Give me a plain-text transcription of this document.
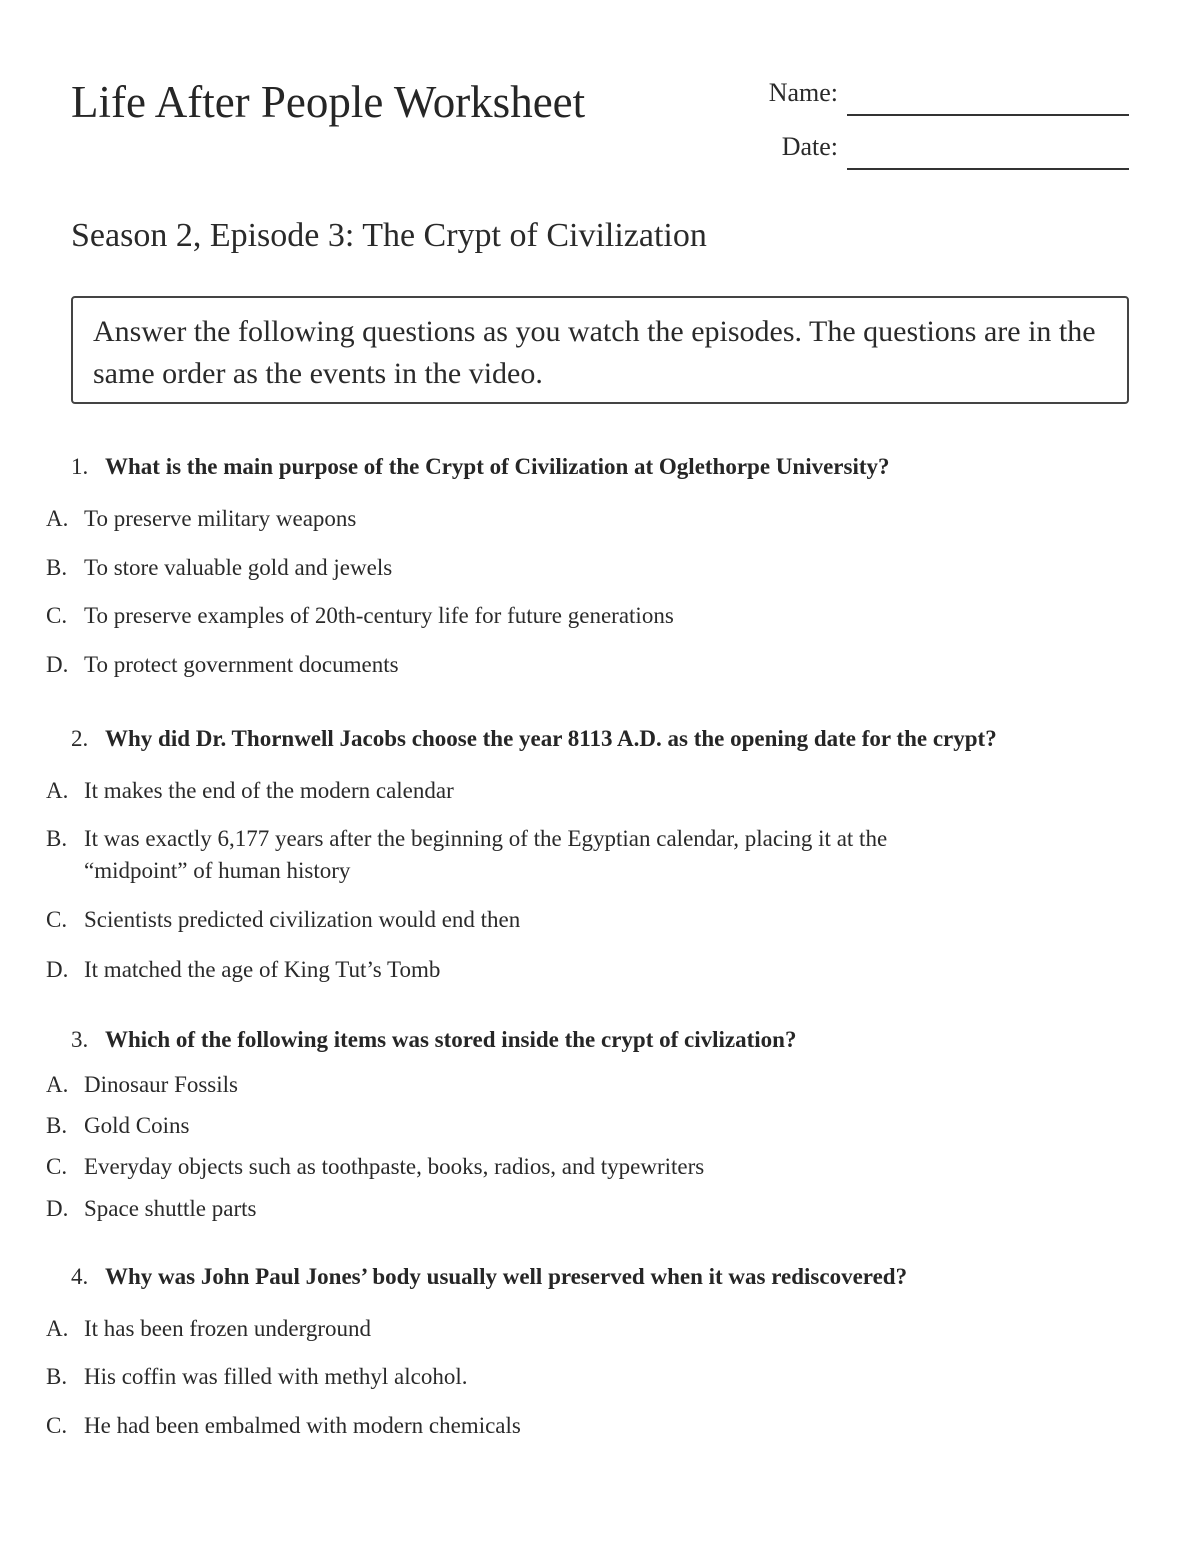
Life After People Worksheet	Name:
Date:
Season 2, Episode 3: The Crypt of Civilization
Answer the following questions as you watch the episodes. The questions are in the same order as the events in the video.
1. What is the main purpose of the Crypt of Civilization at Oglethorpe University?
A. To preserve military weapons
B. To store valuable gold and jewels
C. To preserve examples of 20th-century life for future generations
D. To protect government documents
2. Why did Dr. Thornwell Jacobs choose the year 8113 A.D. as the opening date for the crypt?
A. It makes the end of the modern calendar
B. It was exactly 6,177 years after the beginning of the Egyptian calendar, placing it at the “midpoint” of human history
C. Scientists predicted civilization would end then
D. It matched the age of King Tut’s Tomb
3. Which of the following items was stored inside the crypt of civlization?
A. Dinosaur Fossils
B. Gold Coins
C. Everyday objects such as toothpaste, books, radios, and typewriters
D. Space shuttle parts
4. Why was John Paul Jones’ body usually well preserved when it was rediscovered?
A. It has been frozen underground
B. His coffin was filled with methyl alcohol.
C. He had been embalmed with modern chemicals
